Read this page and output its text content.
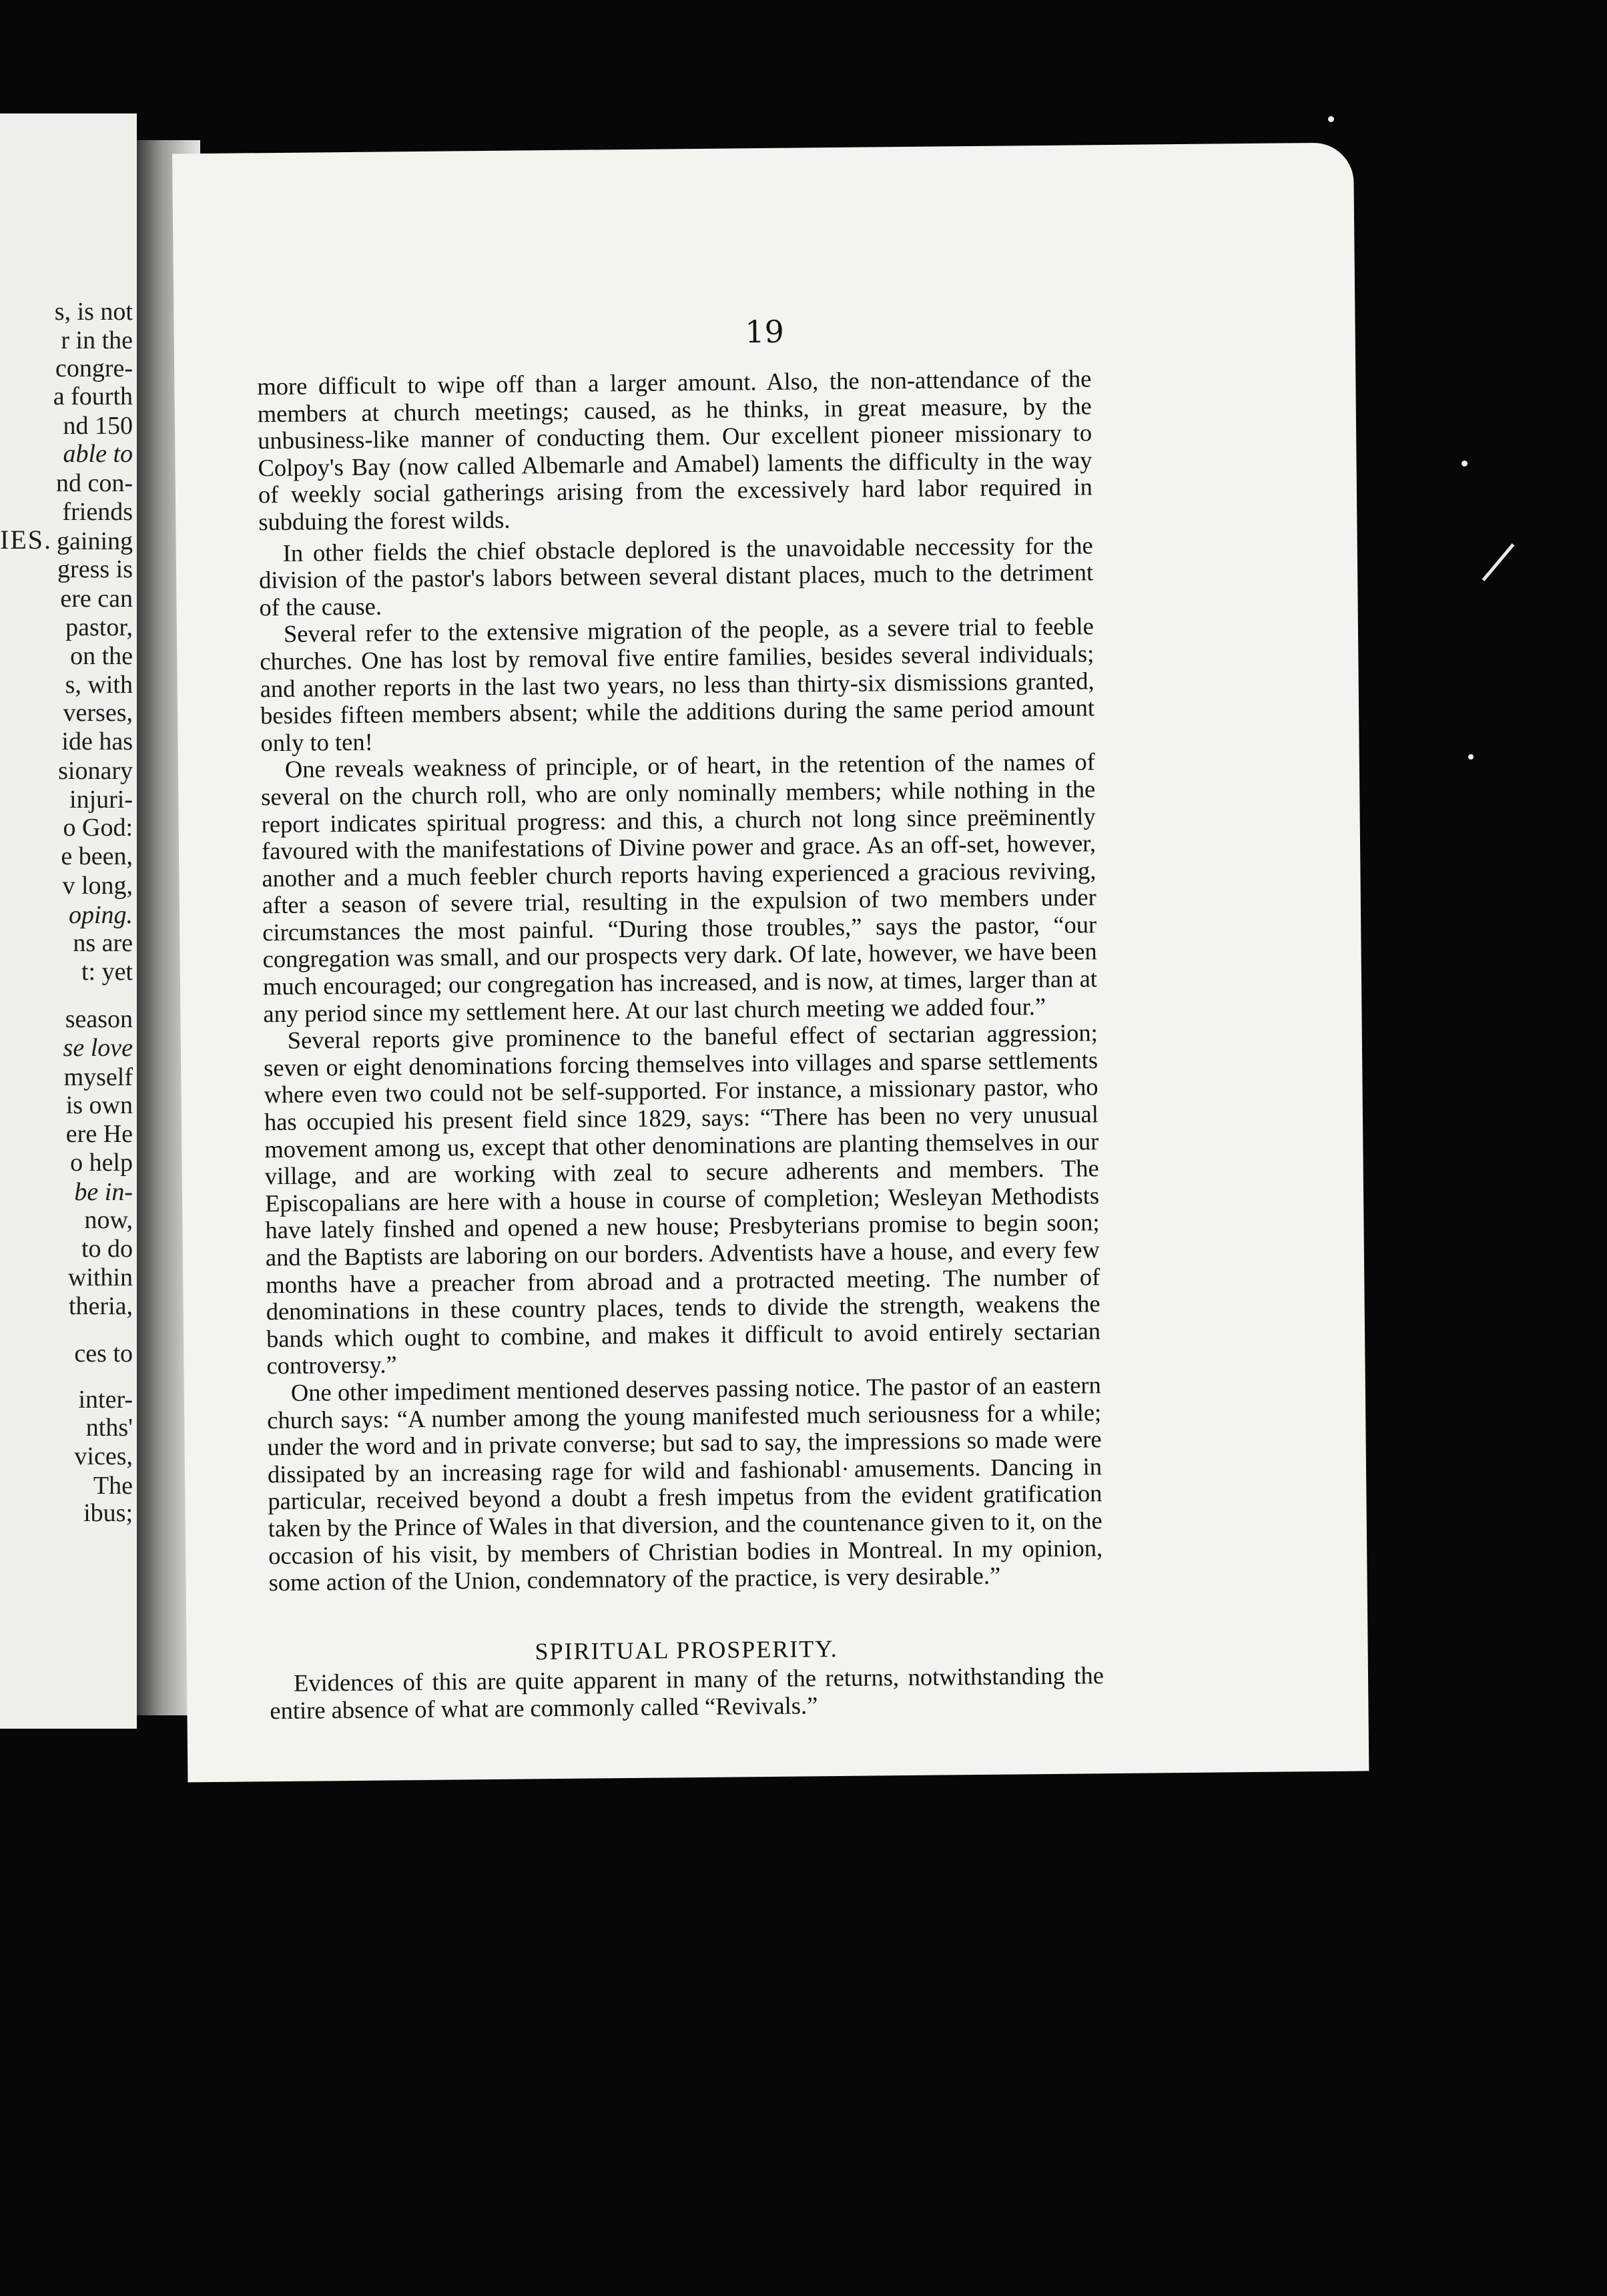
IES.
s, is not
r in the
congre-
a fourth
nd 150
able to
nd con-
friends
gaining
gress is
ere can
pastor,
on the
s, with
verses,
ide has
sionary
injuri-
o God:
e been,
v long,
oping.
ns are
t: yet
season
se love
myself
is own
ere He
o help
be in-
now,
to do
within
theria,
ces to
inter-
nths'
vices,
The
ibus;
19

more difficult to wipe off than a larger amount. Also, the non-attendance of the members at church meetings; caused, as he thinks, in great measure, by the unbusiness-like manner of conducting them. Our excellent pioneer missionary to Colpoy's Bay (now called Albemarle and Amabel) laments the difficulty in the way of weekly social gatherings arising from the excessively hard labor required in subduing the forest wilds.

In other fields the chief obstacle deplored is the unavoidable neccessity for the division of the pastor's labors between several distant places, much to the detriment of the cause.

Several refer to the extensive migration of the people, as a severe trial to feeble churches. One has lost by removal five entire families, besides several individuals; and another reports in the last two years, no less than thirty-six dismissions granted, besides fifteen members absent; while the additions during the same period amount only to ten!

One reveals weakness of principle, or of heart, in the retention of the names of several on the church roll, who are only nominally members; while nothing in the report indicates spiritual progress: and this, a church not long since preëminently favoured with the manifestations of Divine power and grace. As an off-set, however, another and a much feebler church reports having experienced a gracious reviving, after a season of severe trial, resulting in the expulsion of two members under circumstances the most painful. “During those troubles,” says the pastor, “our congregation was small, and our prospects very dark. Of late, however, we have been much encouraged; our congregation has increased, and is now, at times, larger than at any period since my settlement here. At our last church meeting we added four.”

Several reports give prominence to the baneful effect of sectarian aggression; seven or eight denominations forcing themselves into villages and sparse settlements where even two could not be self-supported. For instance, a missionary pastor, who has occupied his present field since 1829, says: “There has been no very unusual movement among us, except that other denominations are planting themselves in our village, and are working with zeal to secure adherents and members. The Episcopalians are here with a house in course of completion; Wesleyan Methodists have lately finshed and opened a new house; Presbyterians promise to begin soon; and the Baptists are laboring on our borders. Adventists have a house, and every few months have a preacher from abroad and a protracted meeting. The number of denominations in these country places, tends to divide the strength, weakens the bands which ought to combine, and makes it difficult to avoid entirely sectarian controversy.”

One other impediment mentioned deserves passing notice. The pastor of an eastern church says: “A number among the young manifested much seriousness for a while; under the word and in private converse; but sad to say, the impressions so made were dissipated by an increasing rage for wild and fashionabl· amusements. Dancing in particular, received beyond a doubt a fresh impetus from the evident gratification taken by the Prince of Wales in that diversion, and the countenance given to it, on the occasion of his visit, by members of Christian bodies in Montreal. In my opinion, some action of the Union, condemnatory of the practice, is very desirable.”

SPIRITUAL PROSPERITY.

Evidences of this are quite apparent in many of the returns, notwithstanding the entire absence of what are commonly called “Revivals.”
